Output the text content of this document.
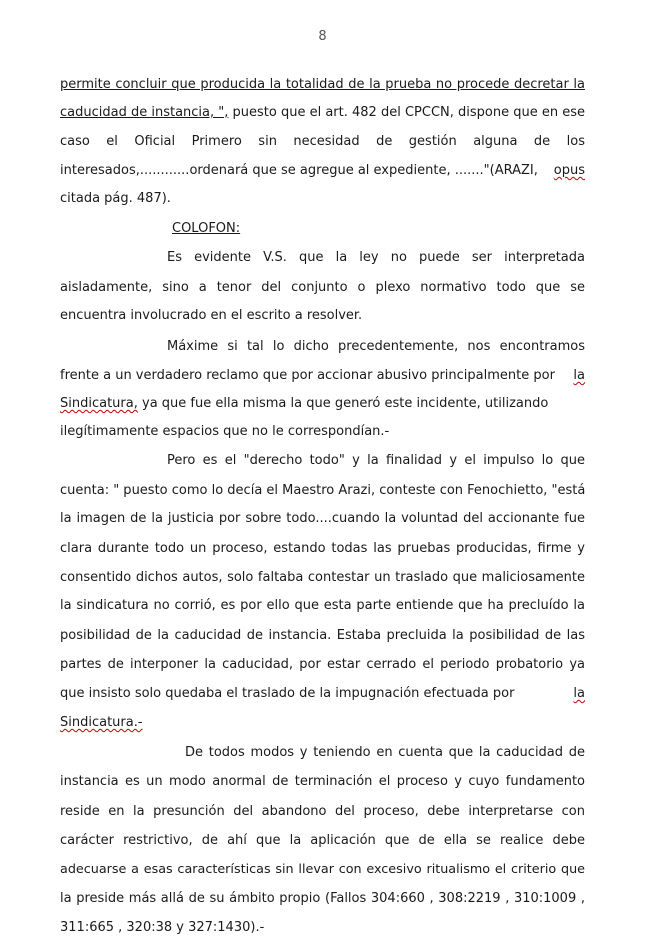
8
permite concluir que producida la totalidad de la prueba no procede decretar la
caducidad de instancia, ", puesto que el art. 482 del CPCCN, dispone que en ese
caso el Oficial Primero sin necesidad de gestión alguna de los
interesados,............ordenará que se agregue al expediente, ......."(ARAZI, opus
citada pág. 487).
COLOFON:
Es evidente V.S. que la ley no puede ser interpretada
aisladamente, sino a tenor del conjunto o plexo normativo todo que se
encuentra involucrado en el escrito a resolver.
Máxime si tal lo dicho precedentemente, nos encontramos
frente a un verdadero reclamo que por accionar abusivo principalmente por la
Sindicatura, ya que fue ella misma la que generó este incidente, utilizando
ilegítimamente espacios que no le correspondían.-
Pero es el "derecho todo" y la finalidad y el impulso lo que
cuenta: " puesto como lo decía el Maestro Arazi, conteste con Fenochietto, "está
la imagen de la justicia por sobre todo....cuando la voluntad del accionante fue
clara durante todo un proceso, estando todas las pruebas producidas, firme y
consentido dichos autos, solo faltaba contestar un traslado que maliciosamente
la sindicatura no corrió, es por ello que esta parte entiende que ha precluído la
posibilidad de la caducidad de instancia. Estaba precluida la posibilidad de las
partes de interponer la caducidad, por estar cerrado el periodo probatorio ya
que insisto solo quedaba el traslado de la impugnación efectuada por	la
Sindicatura.-
De todos modos y teniendo en cuenta que la caducidad de
instancia es un modo anormal de terminación el proceso y cuyo fundamento
reside en la presunción del abandono del proceso, debe interpretarse con
carácter restrictivo, de ahí que la aplicación que de ella se realice debe
adecuarse a esas características sin llevar con excesivo ritualismo el criterio que
la preside más allá de su ámbito propio (Fallos 304:660 , 308:2219 , 310:1009 ,
311:665 , 320:38 y 327:1430).-
